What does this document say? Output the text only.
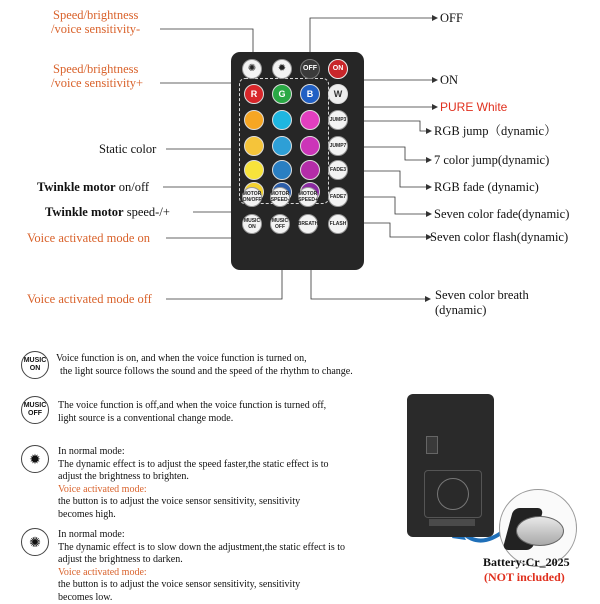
Speed/brightness
/voice sensitivity-
Speed/brightness
/voice sensitivity+
Static color
Twinkle motor on/off
Twinkle motor speed-/+
Voice activated mode on
Voice activated mode off
OFF
ON
PURE White
RGB jump（dynamic）
7 color jump(dynamic)
RGB fade (dynamic)
Seven color fade(dynamic)
Seven color flash(dynamic)
Seven color breath
(dynamic)
✺ ✹	OFF	ON
R	G	B	W
JUMP3
JUMP7
FADE3
FADE7
MOTOR ON/OFF
MOTOR SPEED-
MOTOR SPEED+
FLASH
MUSIC ON
MUSIC OFF	BREATH
MUSIC ON
Voice function is on, and when the voice function is turned on,
the light source follows the sound and the speed of the rhythm to change.
MUSIC OFF
The voice function is off,and when the voice function is turned off,
light source is a conventional change mode.
✹	In normal mode:
The dynamic effect is to adjust the speed faster,the static effect is to
adjust the brightness to brighten.
Voice activated mode:
the button is to adjust the voice sensor sensitivity, sensitivity
becomes high.
✺	In normal mode:
The dynamic effect is to slow down the adjustment,the static effect is to
adjust the brightness to darken.
Voice activated mode:
the button is to adjust the voice sensor sensitivity, sensitivity
becomes low.
Battery:Cr_2025
(NOT included)
